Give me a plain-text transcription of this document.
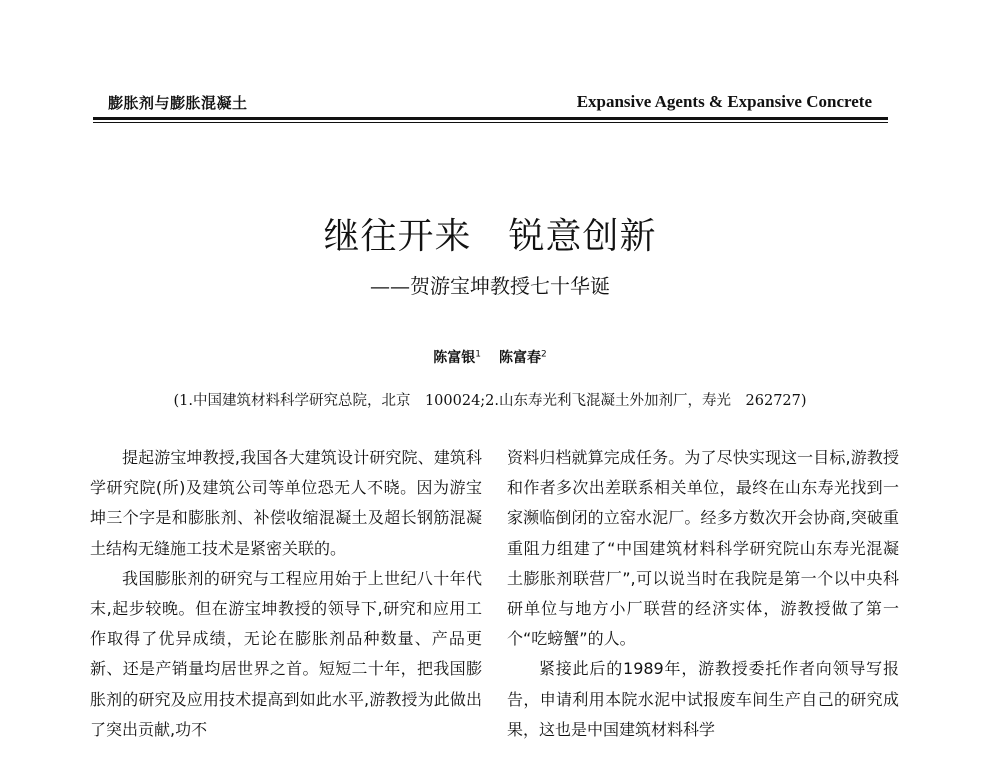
膨胀剂与膨胀混凝土	Expansive Agents & Expansive Concrete
继往开来　锐意创新
——贺游宝坤教授七十华诞
陈富银$^1$ 陈富春$^2$
(1.中国建筑材料科学研究总院，北京　100024;2.山东寿光利飞混凝土外加剂厂，寿光　262727)

提起游宝坤教授,我国各大建筑设计研究院、建筑科学研究院(所)及建筑公司等单位恐无人不晓。因为游宝坤三个字是和膨胀剂、补偿收缩混凝土及超长钢筋混凝土结构无缝施工技术是紧密关联的。

我国膨胀剂的研究与工程应用始于上世纪八十年代末,起步较晚。但在游宝坤教授的领导下,研究和应用工作取得了优异成绩，无论在膨胀剂品种数量、产品更新、还是产销量均居世界之首。短短二十年，把我国膨胀剂的研究及应用技术提高到如此水平,游教授为此做出了突出贡献,功不

资料归档就算完成任务。为了尽快实现这一目标,游教授和作者多次出差联系相关单位，最终在山东寿光找到一家濒临倒闭的立窑水泥厂。经多方数次开会协商,突破重重阻力组建了“中国建筑材料科学研究院山东寿光混凝土膨胀剂联营厂”,可以说当时在我院是第一个以中央科研单位与地方小厂联营的经济实体，游教授做了第一个“吃螃蟹”的人。

紧接此后的1989年，游教授委托作者向领导写报告，申请利用本院水泥中试报废车间生产自己的研究成果，这也是中国建筑材料科学
